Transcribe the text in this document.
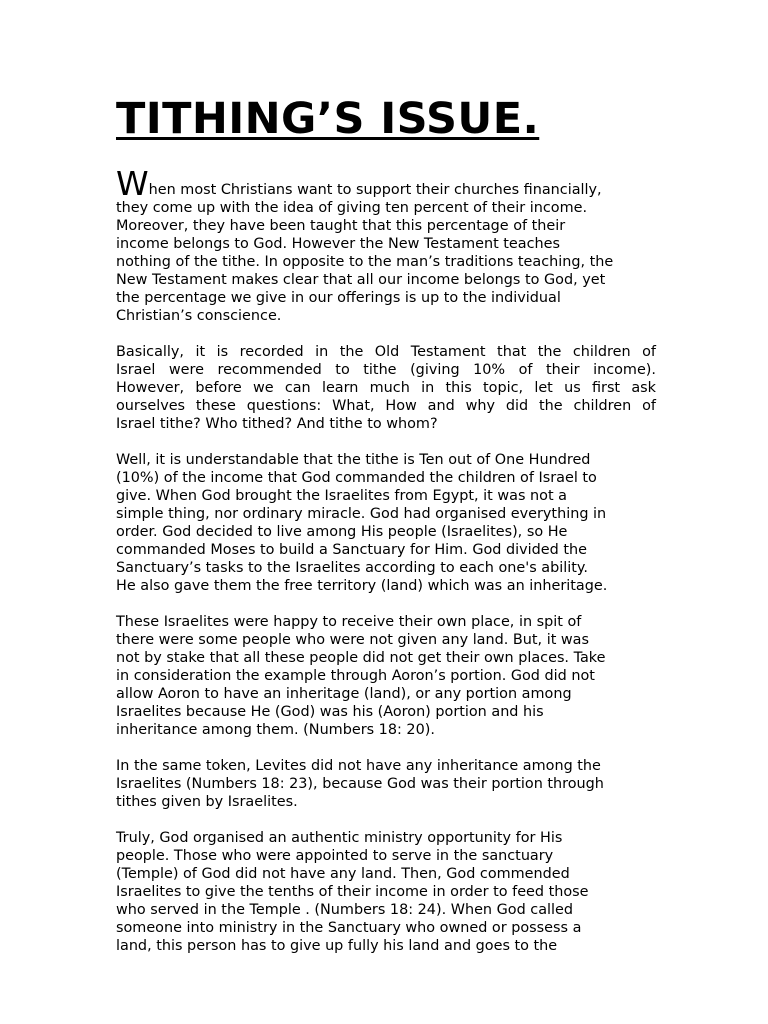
TITHING’S ISSUE.

When most Christians want to support their churches financially,
they come up with the idea of giving ten percent of their income.
Moreover, they have been taught that this percentage of their
income belongs to God. However the New Testament teaches
nothing of the tithe. In opposite to the man’s traditions teaching, the
New Testament makes clear that all our income belongs to God, yet
the percentage we give in our offerings is up to the individual
Christian’s conscience.

Basically, it is recorded in the Old Testament that the children of
Israel were recommended to tithe (giving 10% of their income).
However, before we can learn much in this topic, let us first ask
ourselves these questions: What, How and why did the children of
Israel tithe? Who tithed? And tithe to whom?

Well, it is understandable that the tithe is Ten out of One Hundred
(10%) of the income that God commanded the children of Israel to
give. When God brought the Israelites from Egypt, it was not a
simple thing, nor ordinary miracle. God had organised everything in
order. God decided to live among His people (Israelites), so He
commanded Moses to build a Sanctuary for Him. God divided the
Sanctuary’s tasks to the Israelites according to each one's ability.
He also gave them the free territory (land) which was an inheritage.

These Israelites were happy to receive their own place, in spit of
there were some people who were not given any land. But, it was
not by stake that all these people did not get their own places. Take
in consideration the example through Aoron’s portion. God did not
allow Aoron to have an inheritage (land), or any portion among
Israelites because He (God) was his (Aoron) portion and his
inheritance among them. (Numbers 18: 20).

In the same token, Levites did not have any inheritance among the
Israelites (Numbers 18: 23), because God was their portion through
tithes given by Israelites.

Truly, God organised an authentic ministry opportunity for His
people. Those who were appointed to serve in the sanctuary
(Temple) of God did not have any land. Then, God commended
Israelites to give the tenths of their income in order to feed those
who served in the Temple . (Numbers 18: 24). When God called
someone into ministry in the Sanctuary who owned or possess a
land, this person has to give up fully his land and goes to the
